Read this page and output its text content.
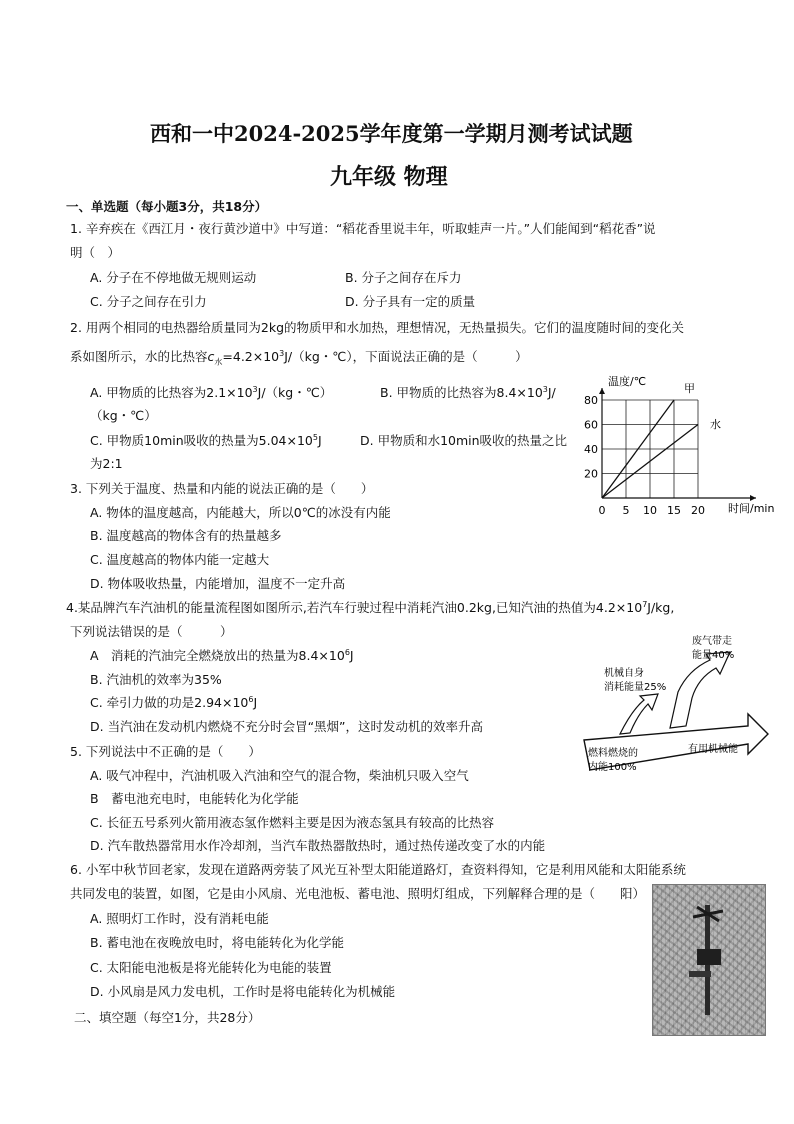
西和一中2024-2025学年度第一学期月测考试试题
九年级 物理
一、单选题（每小题3分，共18分）
1. 辛弃疾在《西江月・夜行黄沙道中》中写道：“稻花香里说丰年，听取蛙声一片。”人们能闻到“稻花香”说
明（　）
A. 分子在不停地做无规则运动	B. 分子之间存在斥力
C. 分子之间存在引力	D. 分子具有一定的质量
2. 用两个相同的电热器给质量同为2kg的物质甲和水加热，理想情况，无热量损失。它们的温度随时间的变化关
系如图所示，水的比热容$c_水=4.2\times 10^3J/(kg$・℃），下面说法正确的是（　　　）
A. 甲物质的比热容为$2.1\times 10^3J/(kg$・℃）	B. 甲物质的比热容为$8.4\times 10^3J/$
（kg・℃）
C. 甲物质10min吸收的热量为$5.04\times 10^5J$	D. 甲物质和水10min吸收的热量之比
为2:1
0 5 10 15 20
20
40
60
80
温度/℃
时间/min
甲
水
3. 下列关于温度、热量和内能的说法正确的是（　　）
A. 物体的温度越高，内能越大，所以0℃的冰没有内能
B. 温度越高的物体含有的热量越多
C. 温度越高的物体内能一定越大
D. 物体吸收热量，内能增加，温度不一定升高
4.某品牌汽车汽油机的能量流程图如图所示,若汽车行驶过程中消耗汽油0.2kg,已知汽油的热值为$4.2\times 10^7J/kg$,
下列说法错误的是（　　　）
A　消耗的汽油完全燃烧放出的热量为$8.4\times 10^6J$
B. 汽油机的效率为35%
C. 牵引力做的功是$2.94\times 10^6J$
D. 当汽油在发动机内燃烧不充分时会冒“黑烟”，这时发动机的效率升高
废气带走
能量40%
机械自身
消耗能量25%
燃料燃烧的
内能100%
有用机械能
5. 下列说法中不正确的是（　　）
A. 吸气冲程中，汽油机吸入汽油和空气的混合物，柴油机只吸入空气
B　蓄电池充电时，电能转化为化学能
C. 长征五号系列火箭用液态氢作燃料主要是因为液态氢具有较高的比热容
D. 汽车散热器常用水作冷却剂，当汽车散热器散热时，通过热传递改变了水的内能
6. 小军中秋节回老家，发现在道路两旁装了风光互补型太阳能道路灯，查资料得知，它是利用风能和太阳能系统
共同发电的装置，如图，它是由小风扇、光电池板、蓄电池、照明灯组成，下列解释合理的是（　　阳）
A. 照明灯工作时，没有消耗电能
B. 蓄电池在夜晚放电时，将电能转化为化学能
C. 太阳能电池板是将光能转化为电能的装置
D. 小风扇是风力发电机，工作时是将电能转化为机械能
二、填空题（每空1分，共28分）
